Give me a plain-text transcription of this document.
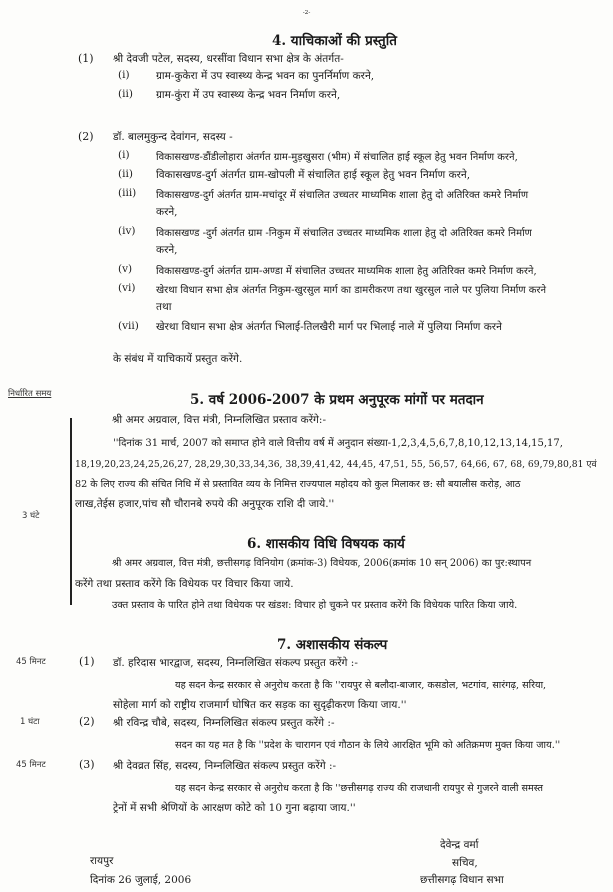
-2-
4. याचिकाओं की प्रस्तुति
(1) श्री देवजी पटेल, सदस्य, धरसींवा विधान सभा क्षेत्र के अंतर्गत-
(i)	ग्राम-कुकेरा में उप स्वास्थ्य केन्द्र भवन का पुनर्निर्माण करने,
(ii) ग्राम-कुंरा में उप स्वास्थ्य केन्द्र भवन निर्माण करने,
(2) डॉ. बालमुकुन्द देवांगन, सदस्य -
(i)	विकासखण्ड-डौंडीलोहारा अंतर्गत ग्राम-मुड़खुसरा (भीम) में संचालित हाई स्कूल हेतु भवन निर्माण करने,
(ii) विकासखण्ड-दुर्ग अंतर्गत ग्राम-खोपली में संचालित हाई स्कूल हेतु भवन निर्माण करने,
(iii) विकासखण्ड-दुर्ग अंतर्गत ग्राम-मचांदूर में संचालित उच्चतर माध्यमिक शाला हेतु दो अतिरिक्त कमरे निर्माण
करने,
(iv) विकासखण्ड -दुर्ग अंतर्गत ग्राम -निकुम में संचालित उच्चतर माध्यमिक शाला हेतु दो अतिरिक्त कमरे निर्माण
करने,
(v) विकासखण्ड-दुर्ग अंतर्गत ग्राम-अण्डा में संचालित उच्चतर माध्यमिक शाला हेतु अतिरिक्त कमरे निर्माण करने,
(vi) खेरथा विधान सभा क्षेत्र अंतर्गत निकुम-खुरसुल मार्ग का डामरीकरण तथा खुरसुल नाले पर पुलिया निर्माण करने
तथा
(vii) खेरथा विधान सभा क्षेत्र अंतर्गत भिलाई-तिलखैरी मार्ग पर भिलाई नाले में पुलिया निर्माण करने
के संबंध में याचिकायें प्रस्तुत करेंगे.
निर्धारित समय
3 घंटे
5. वर्ष 2006-2007 के प्रथम अनुपूरक मांगों पर मतदान
श्री अमर अग्रवाल, वित्त मंत्री, निम्नलिखित प्रस्ताव करेंगे:-
''दिनांक 31 मार्च, 2007 को समाप्त होने वाले वित्तीय वर्ष में अनुदान संख्या-1,2,3,4,5,6,7,8,10,12,13,14,15,17,
18,19,20,23,24,25,26,27, 28,29,30,33,34,36, 38,39,41,42, 44,45, 47,51, 55, 56,57, 64,66, 67, 68, 69,79,80,81 एवं
82 के लिए राज्य की संचित निधि में से प्रस्तावित व्यय के निमित्त राज्यपाल महोदय को कुल मिलाकर छ: सौ बयालीस करोड़, आठ
लाख,तेईस हजार,पांच सौ चौरानबे रुपये की अनुपूरक राशि दी जाये.''
6. शासकीय विधि विषयक कार्य
श्री अमर अग्रवाल, वित्त मंत्री, छत्तीसगढ़ विनियोग (क्रमांक-3) विधेयक, 2006(क्रमांक 10 सन् 2006) का पुर:स्थापन
करेंगे तथा प्रस्ताव करेंगे कि विधेयक पर विचार किया जाये.
उक्त प्रस्ताव के पारित होने तथा विधेयक पर खंडश: विचार हो चुकने पर प्रस्ताव करेंगे कि विधेयक पारित किया जाये.
7. अशासकीय संकल्प
45 मिनट	(1) डॉ. हरिदास भारद्वाज, सदस्य, निम्नलिखित संकल्प प्रस्तुत करेंगे :-
यह सदन केन्द्र सरकार से अनुरोध करता है कि ''रायपुर से बलौदा-बाजार, कसडोल, भटगांव, सारंगढ़, सरिया,
सोहेला मार्ग को राष्ट्रीय राजमार्ग घोषित कर सड़क का सुदृढ़ीकरण किया जाय.''
1 घंटा	(2) श्री रविन्द्र चौबे, सदस्य, निम्नलिखित संकल्प प्रस्तुत करेंगे :-
सदन का यह मत है कि ''प्रदेश के चारागन एवं गौठान के लिये आरक्षित भूमि को अतिक्रमण मुक्त किया जाय.''
45 मिनट	(3) श्री देवव्रत सिंह, सदस्य, निम्नलिखित संकल्प प्रस्तुत करेंगे :-
यह सदन केन्द्र सरकार से अनुरोध करता है कि ''छत्तीसगढ़ राज्य की राजधानी रायपुर से गुजरने वाली समस्त
ट्रेनों में सभी श्रेणियों के आरक्षण कोटे को 10 गुना बढ़ाया जाय.''
देवेन्द्र वर्मा
रायपुर	सचिव,
दिनांक 26 जुलाई, 2006	छत्तीसगढ़ विधान सभा
